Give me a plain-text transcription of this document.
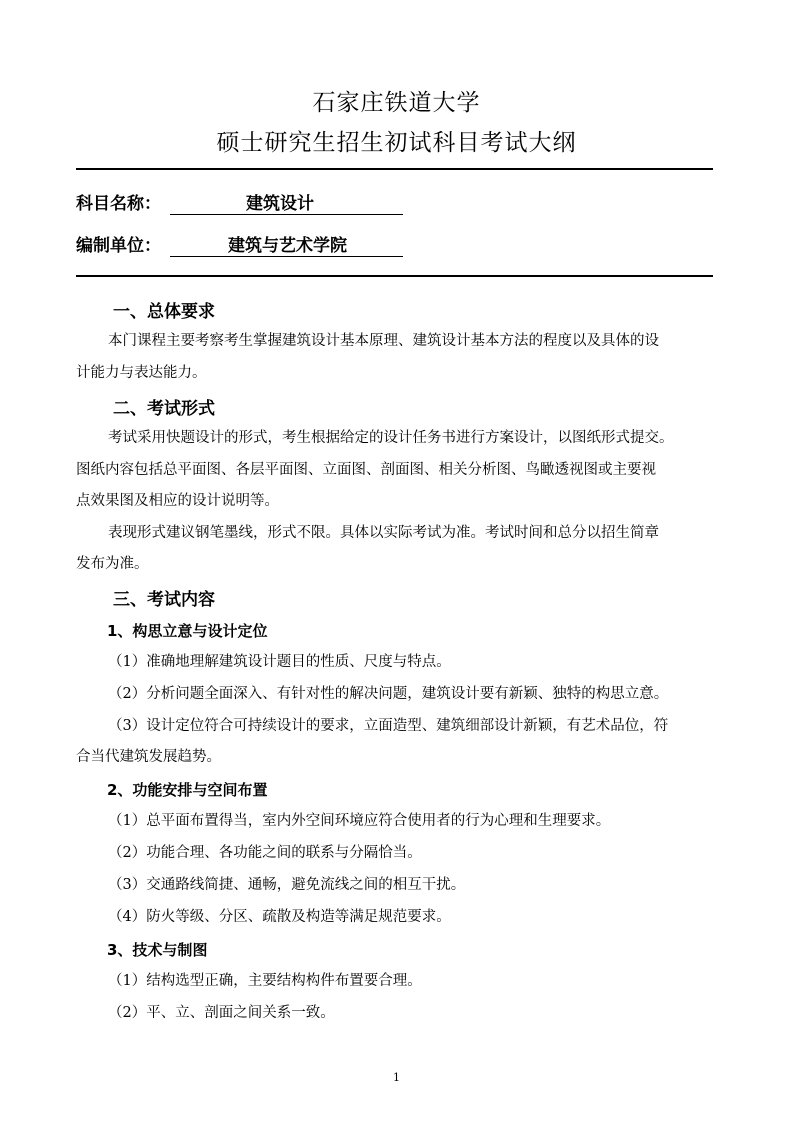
石家庄铁道大学
硕士研究生招生初试科目考试大纲
科目名称：	建筑设计
编制单位：	建筑与艺术学院
一、总体要求
本门课程主要考察考生掌握建筑设计基本原理、建筑设计基本方法的程度以及具体的设
计能力与表达能力。
二、考试形式
考试采用快题设计的形式，考生根据给定的设计任务书进行方案设计，以图纸形式提交。
图纸内容包括总平面图、各层平面图、立面图、剖面图、相关分析图、鸟瞰透视图或主要视
点效果图及相应的设计说明等。
表现形式建议钢笔墨线，形式不限。具体以实际考试为准。考试时间和总分以招生简章
发布为准。
三、考试内容
1、构思立意与设计定位
（1）准确地理解建筑设计题目的性质、尺度与特点。
（2）分析问题全面深入、有针对性的解决问题，建筑设计要有新颖、独特的构思立意。
（3）设计定位符合可持续设计的要求，立面造型、建筑细部设计新颖，有艺术品位，符
合当代建筑发展趋势。
2、功能安排与空间布置
（1）总平面布置得当，室内外空间环境应符合使用者的行为心理和生理要求。
（2）功能合理、各功能之间的联系与分隔恰当。
（3）交通路线简捷、通畅，避免流线之间的相互干扰。
（4）防火等级、分区、疏散及构造等满足规范要求。
3、技术与制图
（1）结构选型正确，主要结构构件布置要合理。
（2）平、立、剖面之间关系一致。
1
